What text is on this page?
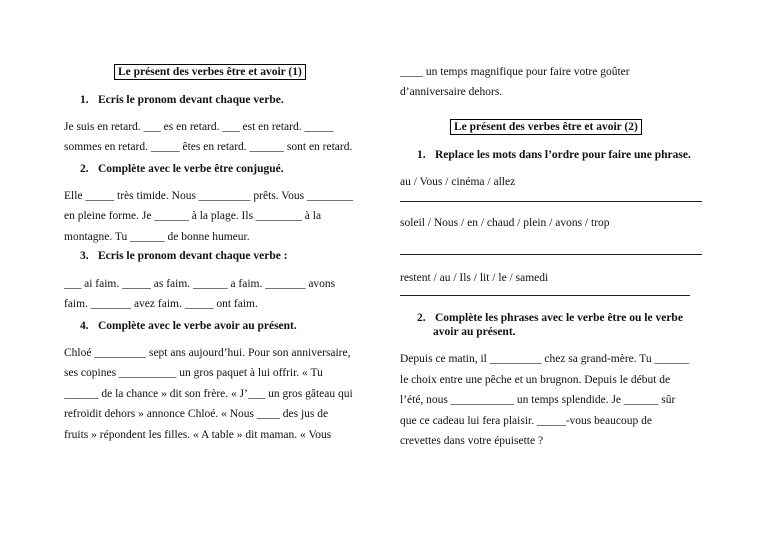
Le présent des verbes être et avoir (1)
1. Ecris le pronom devant chaque verbe.
Je suis en retard. ___ es en retard. ___ est en retard. _____
sommes en retard. _____ êtes en retard. ______ sont en retard.
2. Complète avec le verbe être conjugué.
Elle _____ très timide. Nous _________ prêts. Vous ________
en pleine forme. Je ______ à la plage. Ils ________ à la
montagne. Tu ______ de bonne humeur.
3. Ecris le pronom devant chaque verbe :
___ ai faim. _____ as faim. ______ a faim. _______ avons
faim. _______ avez faim. _____ ont faim.
4. Complète avec le verbe avoir au présent.
Chloé _________ sept ans aujourd’hui. Pour son anniversaire,
ses copines __________ un gros paquet à lui offrir. « Tu
______ de la chance » dit son frère. « J’___ un gros gâteau qui
refroidit dehors » annonce Chloé. « Nous ____ des jus de
fruits » répondent les filles. « A table » dit maman. « Vous
____ un temps magnifique pour faire votre goûter
d’anniversaire dehors.
Le présent des verbes être et avoir (2)
1. Replace les mots dans l’ordre pour faire une phrase.
au / Vous / cinéma / allez
soleil / Nous / en / chaud / plein / avons / trop
restent / au / Ils / lit / le / samedi
2. Complète les phrases avec le verbe être ou le verbe
avoir au présent.
Depuis ce matin, il _________ chez sa grand-mère. Tu ______
le choix entre une pêche et un brugnon. Depuis le début de
l’été, nous ___________ un temps splendide. Je ______ sûr
que ce cadeau lui fera plaisir. _____-vous beaucoup de
crevettes dans votre épuisette ?
